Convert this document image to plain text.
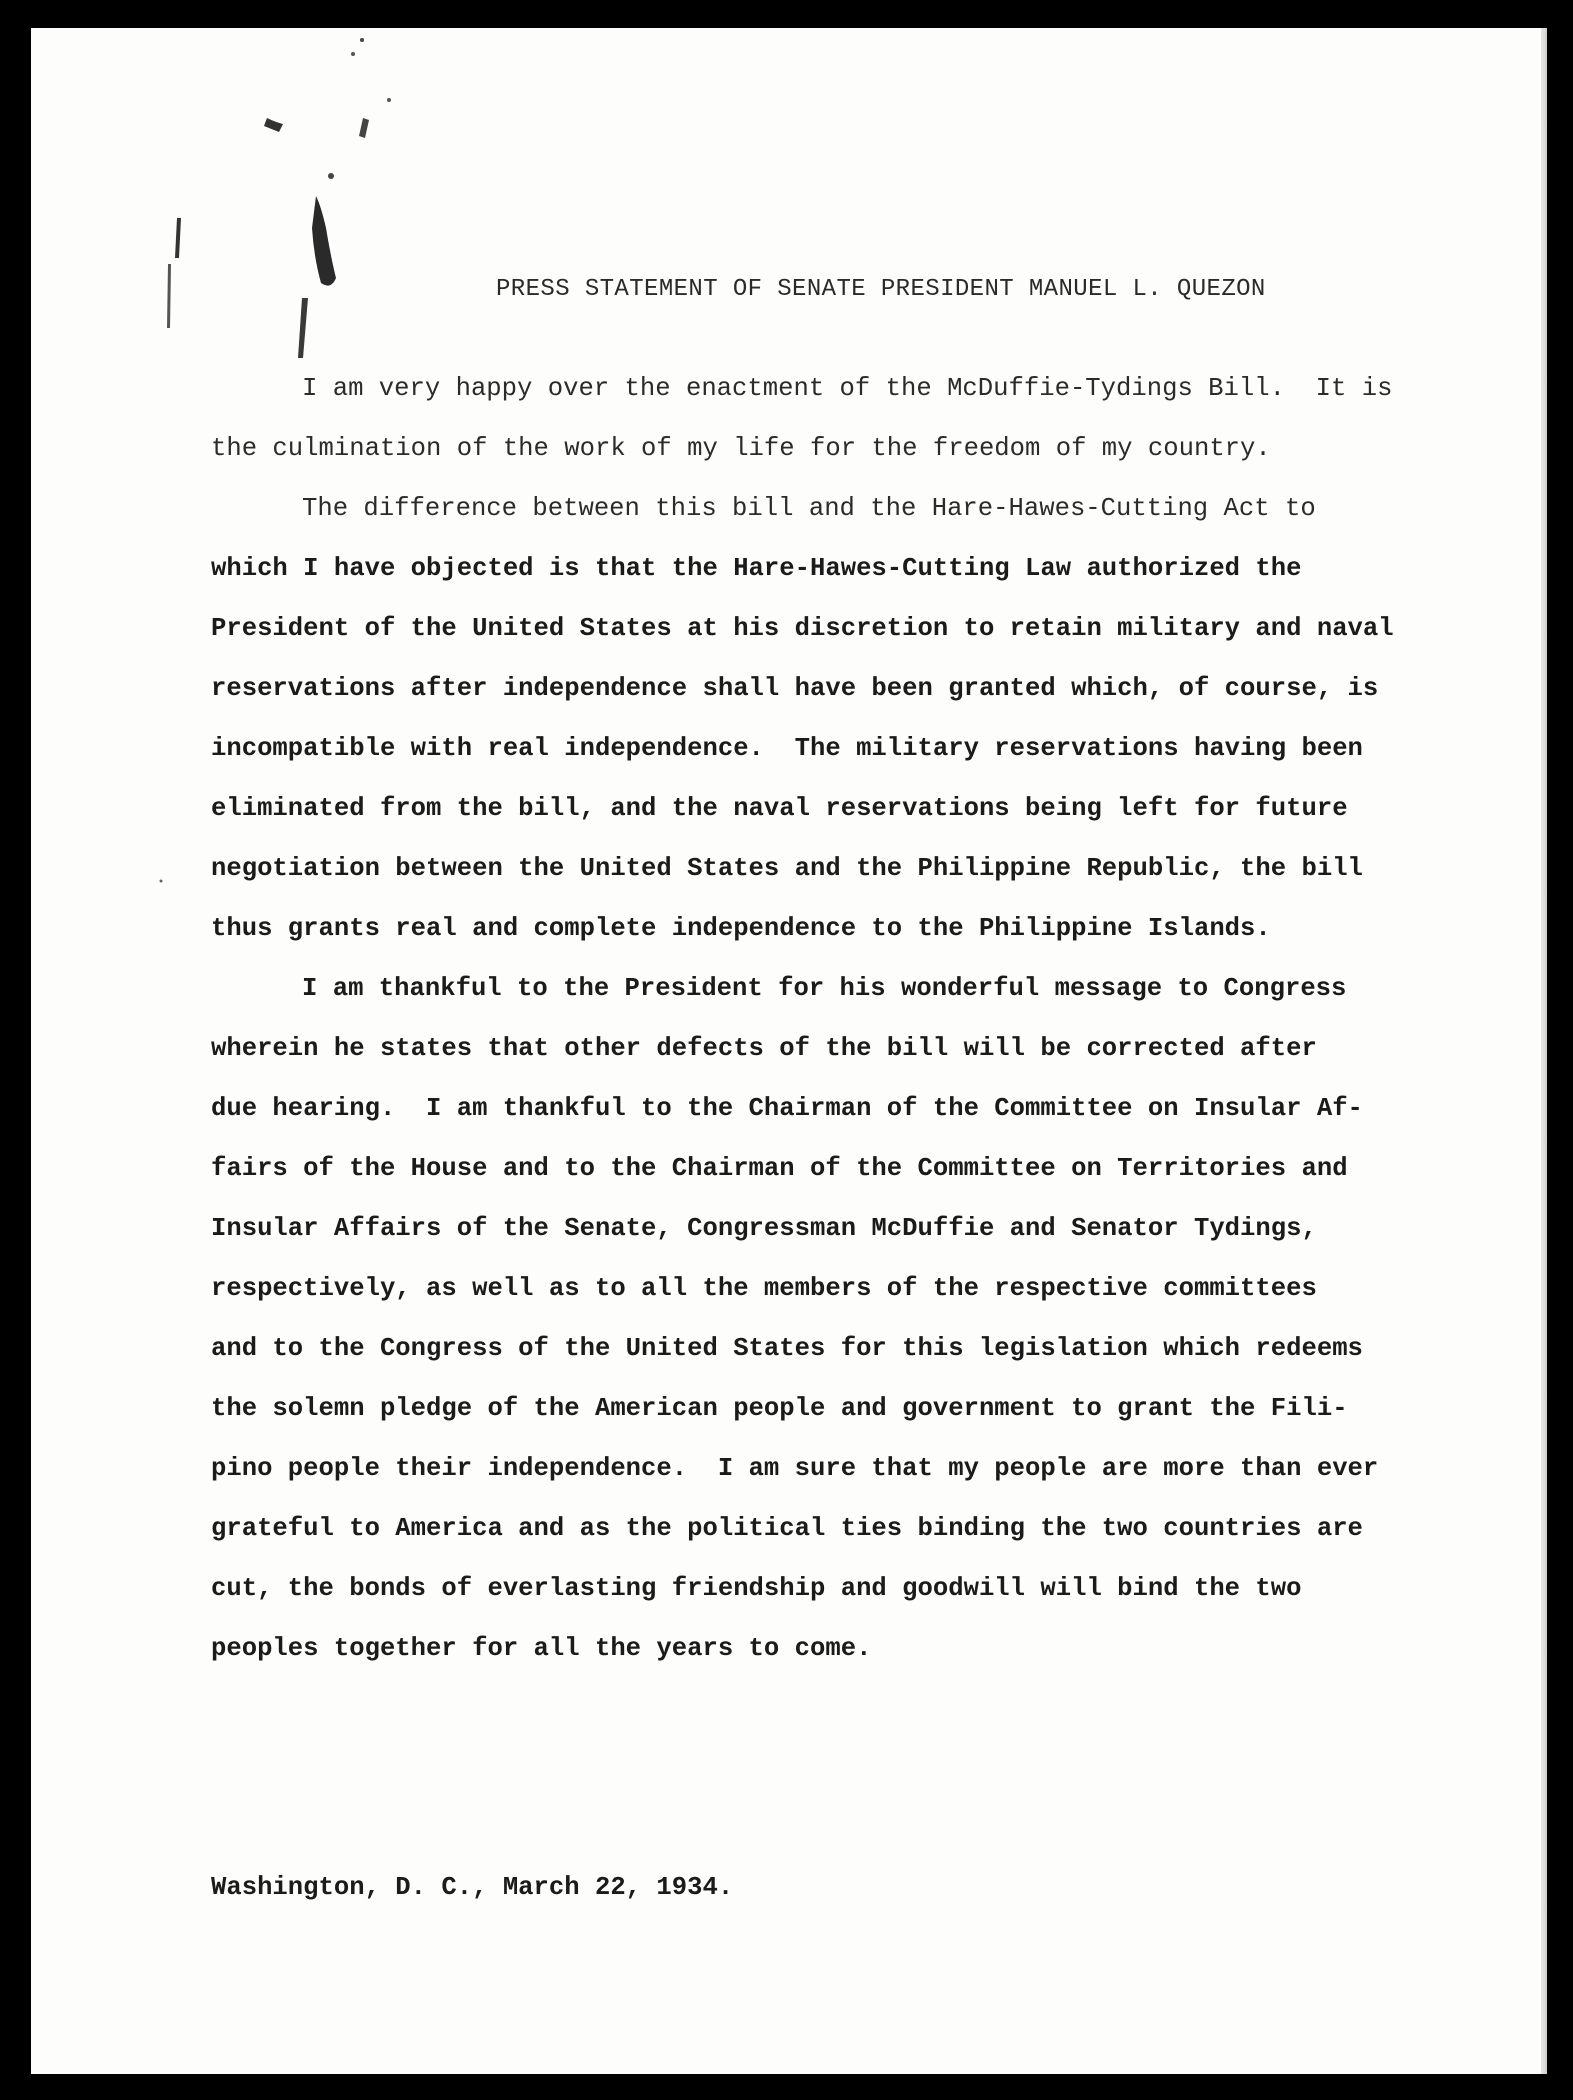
PRESS STATEMENT OF SENATE PRESIDENT MANUEL L. QUEZON
I am very happy over the enactment of the McDuffie-Tydings Bill.  It is
the culmination of the work of my life for the freedom of my country.
The difference between this bill and the Hare-Hawes-Cutting Act to
which I have objected is that the Hare-Hawes-Cutting Law authorized the
President of the United States at his discretion to retain military and naval
reservations after independence shall have been granted which, of course, is
incompatible with real independence.  The military reservations having been
eliminated from the bill, and the naval reservations being left for future
negotiation between the United States and the Philippine Republic, the bill
thus grants real and complete independence to the Philippine Islands.
I am thankful to the President for his wonderful message to Congress
wherein he states that other defects of the bill will be corrected after
due hearing.  I am thankful to the Chairman of the Committee on Insular Af-
fairs of the House and to the Chairman of the Committee on Territories and
Insular Affairs of the Senate, Congressman McDuffie and Senator Tydings,
respectively, as well as to all the members of the respective committees
and to the Congress of the United States for this legislation which redeems
the solemn pledge of the American people and government to grant the Fili-
pino people their independence.  I am sure that my people are more than ever
grateful to America and as the political ties binding the two countries are
cut, the bonds of everlasting friendship and goodwill will bind the two
peoples together for all the years to come.
Washington, D. C., March 22, 1934.
